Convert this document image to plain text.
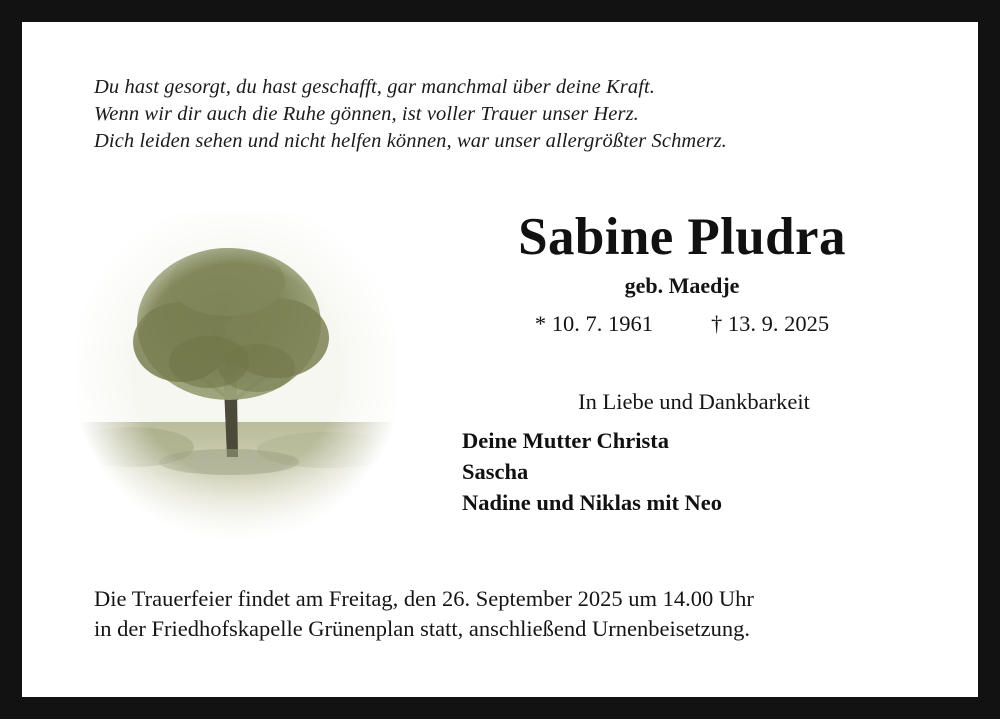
Du hast gesorgt, du hast geschafft, gar manchmal über deine Kraft.
Wenn wir dir auch die Ruhe gönnen, ist voller Trauer unser Herz.
Dich leiden sehen und nicht helfen können, war unser allergrößter Schmerz.
Sabine Pludra
geb. Maedje
* 10. 7. 1961	† 13. 9. 2025
In Liebe und Dankbarkeit
Deine Mutter Christa
Sascha
Nadine und Niklas mit Neo
Die Trauerfeier findet am Freitag, den 26. September 2025 um 14.00 Uhr
in der Friedhofskapelle Grünenplan statt, anschließend Urnenbeisetzung.
